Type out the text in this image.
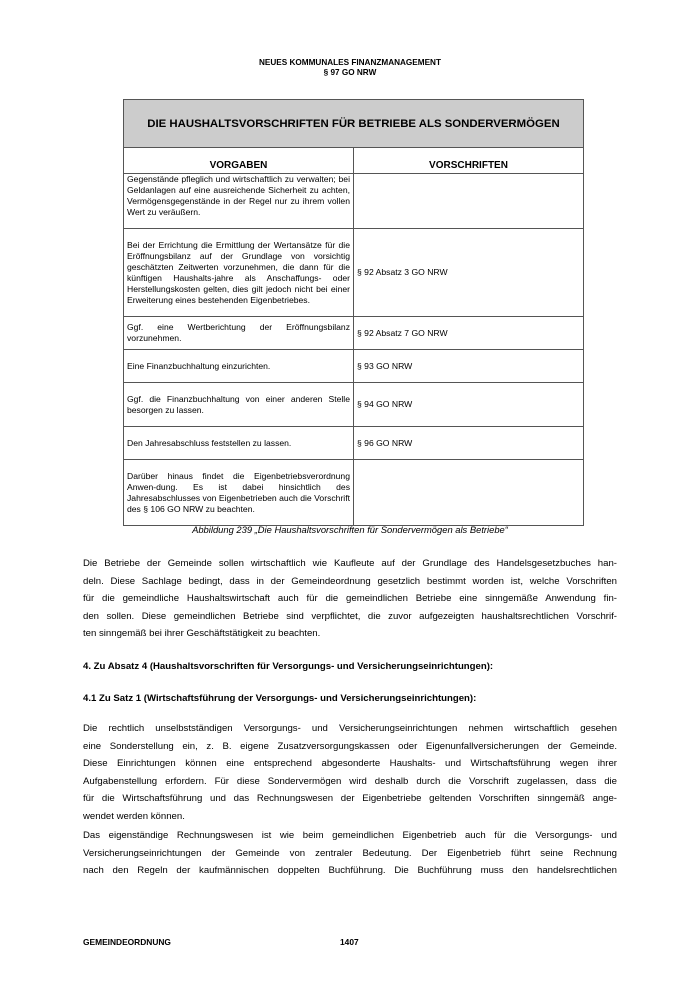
NEUES KOMMUNALES FINANZMANAGEMENT
§ 97 GO NRW
DIE HAUSHALTSVORSCHRIFTEN FÜR BETRIEBE ALS SONDERVERMÖGEN	
VORGABEN	VORSCHRIFTEN
Gegenstände pfleglich und wirtschaftlich zu verwalten; bei Geldanlagen auf eine ausreichende Sicherheit zu achten, Vermögensgegenstände in der Regel nur zu ihrem vollen Wert zu veräußern.	
Bei der Errichtung die Ermittlung der Wertansätze für die Eröffnungsbilanz auf der Grundlage von vorsichtig geschätzten Zeitwerten vorzunehmen, die dann für die künftigen Haushalts-jahre als Anschaffungs- oder Herstellungskosten gelten, dies gilt jedoch nicht bei einer Erweiterung eines bestehenden Eigenbetriebes.	§ 92 Absatz 3 GO NRW
Ggf. eine Wertberichtung der Eröffnungsbilanz vorzunehmen.	§ 92 Absatz 7 GO NRW
Eine Finanzbuchhaltung einzurichten.	§ 93 GO NRW
Ggf. die Finanzbuchhaltung von einer anderen Stelle besorgen zu lassen.	§ 94 GO NRW
Den Jahresabschluss feststellen zu lassen.	§ 96 GO NRW
Darüber hinaus findet die Eigenbetriebsverordnung Anwen-dung. Es ist dabei hinsichtlich des Jahresabschlusses von Eigenbetrieben auch die Vorschrift des § 106 GO NRW zu beachten.	
Abbildung 239 „Die Haushaltsvorschriften für Sondervermögen als Betriebe“
Die Betriebe der Gemeinde sollen wirtschaftlich wie Kaufleute auf der Grundlage des Handelsgesetzbuches han-
deln. Diese Sachlage bedingt, dass in der Gemeindeordnung gesetzlich bestimmt worden ist, welche Vorschriften
für die gemeindliche Haushaltswirtschaft auch für die gemeindlichen Betriebe eine sinngemäße Anwendung fin-
den sollen. Diese gemeindlichen Betriebe sind verpflichtet, die zuvor aufgezeigten haushaltsrechtlichen Vorschrif-
ten sinngemäß bei ihrer Geschäftstätigkeit zu beachten.
4. Zu Absatz 4 (Haushaltsvorschriften für Versorgungs- und Versicherungseinrichtungen):
4.1 Zu Satz 1 (Wirtschaftsführung der Versorgungs- und Versicherungseinrichtungen):
Die rechtlich unselbstständigen Versorgungs- und Versicherungseinrichtungen nehmen wirtschaftlich gesehen
eine Sonderstellung ein, z. B. eigene Zusatzversorgungskassen oder Eigenunfallversicherungen der Gemeinde.
Diese Einrichtungen können eine entsprechend abgesonderte Haushalts- und Wirtschaftsführung wegen ihrer
Aufgabenstellung erfordern. Für diese Sondervermögen wird deshalb durch die Vorschrift zugelassen, dass die
für die Wirtschaftsführung und das Rechnungswesen der Eigenbetriebe geltenden Vorschriften sinngemäß ange-
wendet werden können.
Das eigenständige Rechnungswesen ist wie beim gemeindlichen Eigenbetrieb auch für die Versorgungs- und
Versicherungseinrichtungen der Gemeinde von zentraler Bedeutung. Der Eigenbetrieb führt seine Rechnung
nach den Regeln der kaufmännischen doppelten Buchführung. Die Buchführung muss den handelsrechtlichen
GEMEINDEORDNUNG	1407
